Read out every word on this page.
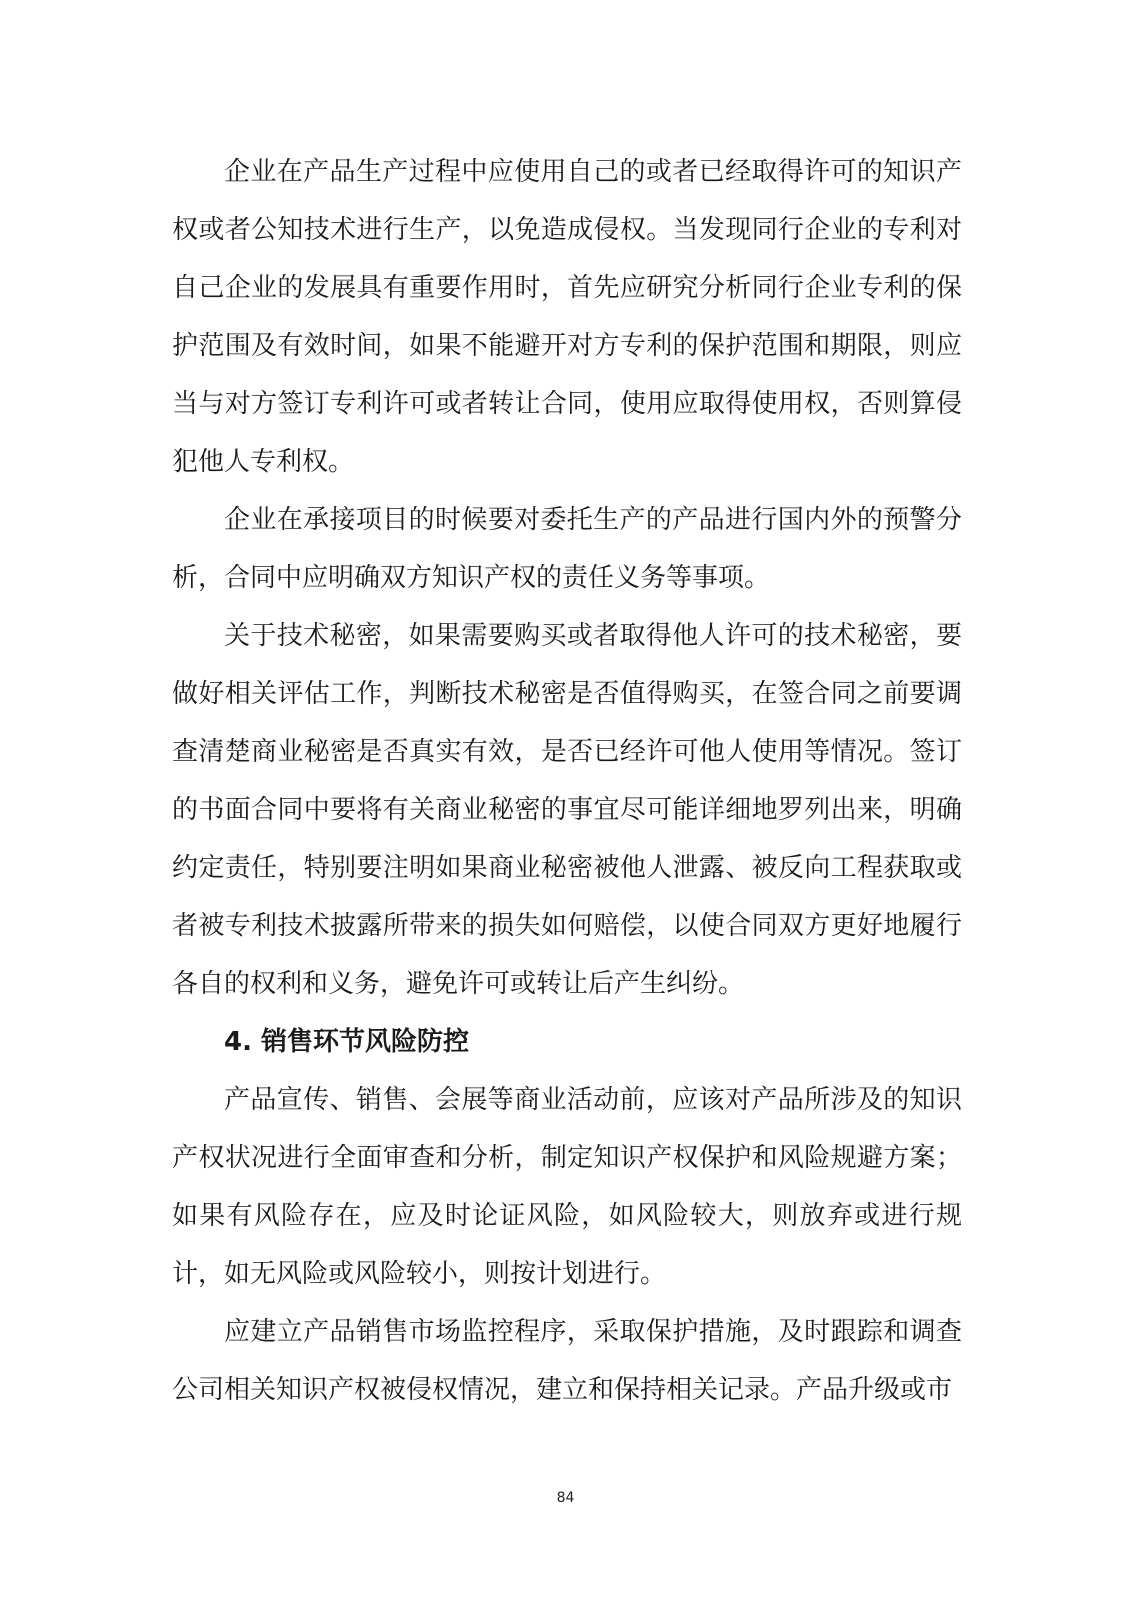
企业在产品生产过程中应使用自己的或者已经取得许可的知识产权或者公知技术进行生产，以免造成侵权。当发现同行企业的专利对自己企业的发展具有重要作用时，首先应研究分析同行企业专利的保护范围及有效时间，如果不能避开对方专利的保护范围和期限，则应当与对方签订专利许可或者转让合同，使用应取得使用权，否则算侵犯他人专利权。

企业在承接项目的时候要对委托生产的产品进行国内外的预警分析，合同中应明确双方知识产权的责任义务等事项。

关于技术秘密，如果需要购买或者取得他人许可的技术秘密，要做好相关评估工作，判断技术秘密是否值得购买，在签合同之前要调查清楚商业秘密是否真实有效，是否已经许可他人使用等情况。签订的书面合同中要将有关商业秘密的事宜尽可能详细地罗列出来，明确约定责任，特别要注明如果商业秘密被他人泄露、被反向工程获取或者被专利技术披露所带来的损失如何赔偿，以使合同双方更好地履行各自的权利和义务，避免许可或转让后产生纠纷。

4. 销售环节风险防控

产品宣传、销售、会展等商业活动前，应该对产品所涉及的知识产权状况进行全面审查和分析，制定知识产权保护和风险规避方案；如果有风险存在，应及时论证风险，如风险较大，则放弃或进行规计，如无风险或风险较小，则按计划进行。

应建立产品销售市场监控程序，采取保护措施，及时跟踪和调查公司相关知识产权被侵权情况，建立和保持相关记录。产品升级或市

84
